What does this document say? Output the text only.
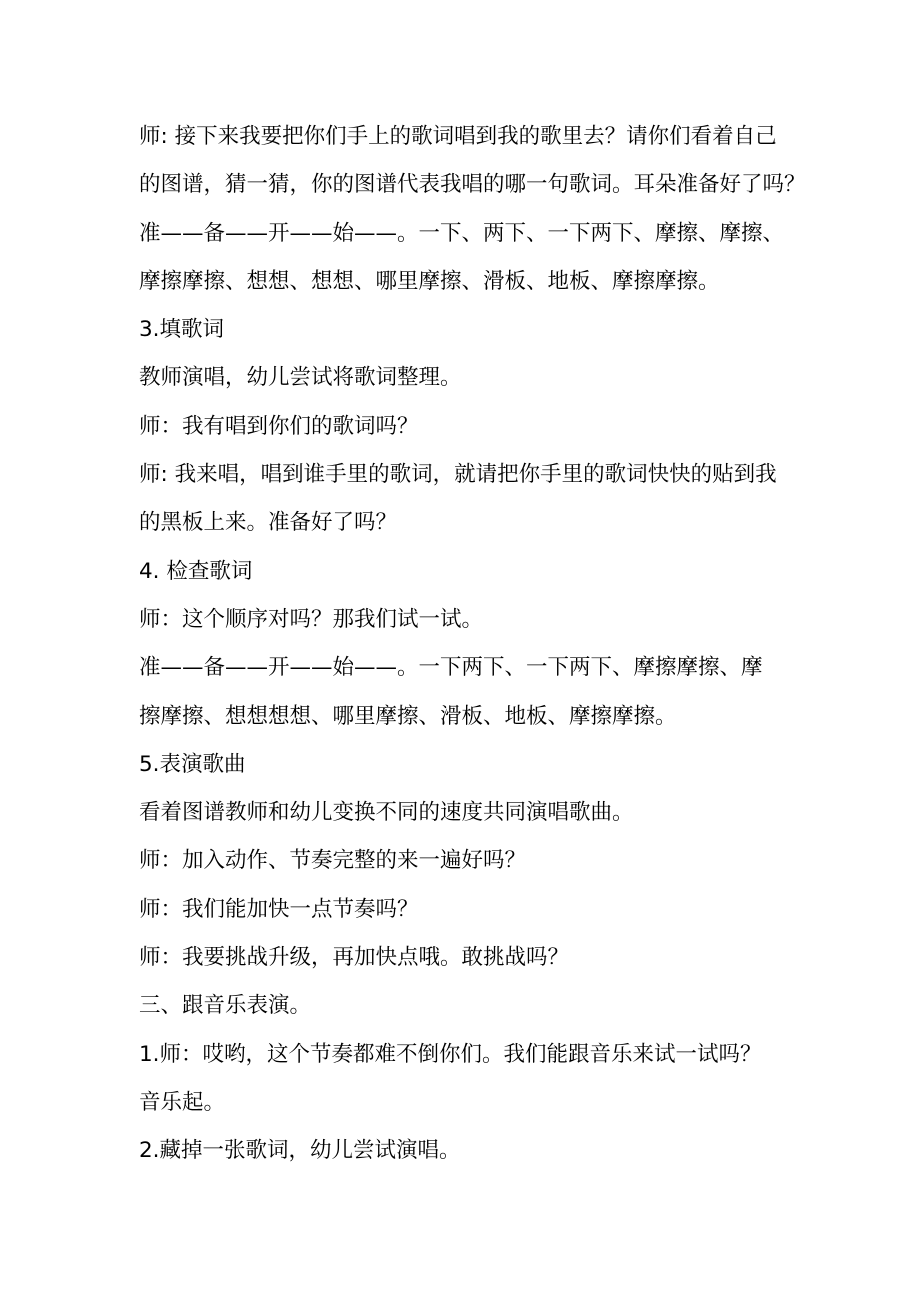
师: 接下来我要把你们手上的歌词唱到我的歌里去？请你们看着自己
的图谱，猜一猜，你的图谱代表我唱的哪一句歌词。耳朵准备好了吗？
准——备——开——始——。一下、两下、一下两下、摩擦、摩擦、
摩擦摩擦、想想、想想、哪里摩擦、滑板、地板、摩擦摩擦。
3.填歌词
教师演唱，幼儿尝试将歌词整理。
师：我有唱到你们的歌词吗？
师: 我来唱，唱到谁手里的歌词，就请把你手里的歌词快快的贴到我
的黑板上来。准备好了吗？
4. 检查歌词
师：这个顺序对吗？那我们试一试。
准——备——开——始——。一下两下、一下两下、摩擦摩擦、摩
擦摩擦、想想想想、哪里摩擦、滑板、地板、摩擦摩擦。
5.表演歌曲
看着图谱教师和幼儿变换不同的速度共同演唱歌曲。
师：加入动作、节奏完整的来一遍好吗？
师：我们能加快一点节奏吗？
师：我要挑战升级，再加快点哦。敢挑战吗？
三、跟音乐表演。
1.师：哎哟，这个节奏都难不倒你们。我们能跟音乐来试一试吗？
音乐起。
2.藏掉一张歌词，幼儿尝试演唱。
